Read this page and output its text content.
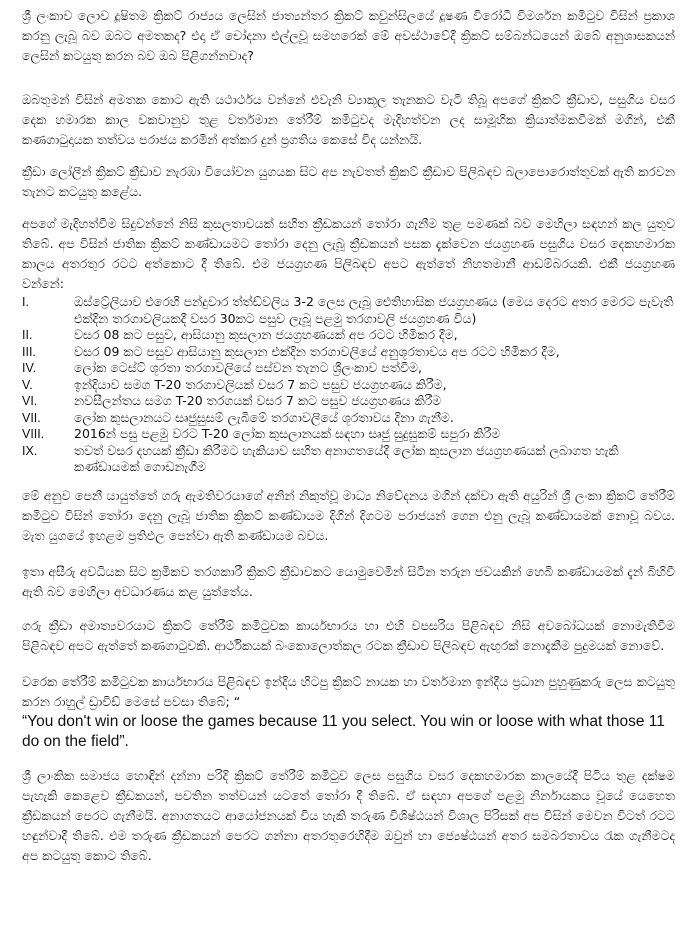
ශ්‍රී ලංකාව ලොව දූෂිතම ක්‍රිකට් රාජ්‍යය ලෙසින් ජාත්‍යන්තර ක්‍රිකට් කවුන්සිලයේ දූෂණ විරෝධී විමර්ශන කමිටුව විසින් ප්‍රකාශ කරනු ලැබූ බව ඔබට අමතකද? එදා ඒ චෝදනා එල්ලවූ සමහරෙක් මේ අවස්ථාවේදී ක්‍රිකට් සම්බන්ධයෙන් ඔබේ අනුශාසකයන් ලෙසින් කටයුතු කරන බව ඔබ පිළිගන්නවාද?

ඔබතුමන් විසින් අමතක කොට ඇති යථාර්ථය වන්නේ එවැනි ව්‍යාකූල තැනකට වැටී තිබූ අපගේ ක්‍රිකට් ක්‍රීඩාව, පසුගිය වසර දෙක හමාරක කාල වකවානුව තුළ වර්තමාන තේරීම් කමිටුවද මැදිහත්වන ලද සාමූහික ක්‍රියාත්මකවීමක් මගින්, එකී කණගාටුදායක තත්වය පරාජය කරමින් අත්කර දුන් ප්‍රගතිය කෙසේ විද යන්නයි.

ක්‍රීඩා ලෝලීන් ක්‍රිකට් ක්‍රීඩාව නැරඹා වියෝවන යුගයක සිට අප නැවතත් ක්‍රිකට් ක්‍රීඩාව පිලිබඳව බලාපොරොත්තුවක් ඇති කරවන තැනට කටයුතු කළේය.

අපගේ මැදිහත්වීම සිදුවන්නේ නිසි කුසලතාවයක් සහිත ක්‍රීඩකයන් තෝරා ගැනීම තුළ පමණක් බව මෙහිලා සඳහන් කල යුතුව තිබේ. අප විසින් ජාතික ක්‍රිකට් කණ්ඩායමට තෝරා දෙනු ලැබූ ක්‍රීඩකයන් පසක දැක්වෙන ජයග්‍රහණ පසුගිය වසර දෙකහමාරක කාලය අතරතුර රටට අත්කොට දී තිබේ. එම ජයග්‍රහණ පිලිබඳව අපට ඇත්තේ නිහතමානී ආඩම්බරයකි. එකී ජයග්‍රහණ වන්නේ:

I.	ඔස්ට්‍රේලියාව එරෙහි පන්දුවාර ත්ත්ඩ්වලිය 3-2 ලෙස ලැබූ ඓතිහාසික ජයග්‍රහණය (මෙය දෙරට අතර මෙරට පැවැති එක්දින තරගාවලියකදී වසර 30කට පසුව ලැබූ පළමු තරගාවලි ජයග්‍රහණ විය)
II.	වසර 08 කට පසුව, ආසියානු කුසලාන ජයග්‍රහණයක් අප රටට හිමිකර දීම,
III.	වසර 09 කට පසුව ආසියානු කුසලාන එක්දින තරගාවලියේ අනුශූරතාවය අප රටට හිමිකර දීම,
IV.	ලෝක ටෙස්ට් ශූරතා තරගාවලියේ පස්වන තැනට ශ්‍රීලංකාව පත්වීම,
V.	ඉන්දියාව සමග T-20 තරගාවලියක් වසර 7 කට පසුව ජයග්‍රහණය කිරීම,
VI.	නවසීලන්තය සමග T-20 තරගයක් වසර 7 කට පසුව ජයග්‍රහණය කිරීම
VII.	ලෝක කුසලානයට සෘජුසුසම් ලැබීමේ තරගාවලියේ ශූරතාවය දිනා ගැනීම.
VIII.	2016න් පසු පළමු වරට T-20 ලෝක කුසලානයක් සඳහා සෘජු සුදුසුකම් සපුරා කිරීම
IX.	තවත් වසර දහයක් ක්‍රීඩා කිරීමට හැකියාව සහිත අනාගතයේදී ලෝක කුසලාන ජයග්‍රහණයක් ලබාගත හැකි කණ්ඩායමක් ගොඩනැගීම

මේ අනුව පෙනී යායුත්තේ ගරු ඇමතිවරයාගේ අනින් නිකුත්වූ මාධ්‍ය නිවේදනය මගින් දක්වා ඇති අයුරින් ශ්‍රී ලංකා ක්‍රිකට් තේරීම් කමිටුව විසින් තෝරා දෙනු ලැබූ ජාතික ක්‍රිකට් කණ්ඩායම දිගින් දිගටම පරාජයන් ගෙන එනු ලැබූ කණ්ඩායමක් නොවූ බවය. මැත යුගයේ ඉහළම ප්‍රතිඵල පෙන්වා ඇති කණ්ඩායම බවය.

ඉතා අසීරු අවධියක සිට ක්‍රමිකව තරගකාරී ක්‍රිකට් ක්‍රීඩාවකට යොමුවෙමින් සිටින තරුන ජවයකින් හෙබි කණ්ඩායමක් දැන් බිහිවී ඇති බව මෙහිලා අවධාරණය කළ යුත්තේය.

ගරු ක්‍රීඩා අමාත්‍යවරයාට ක්‍රිකට් තේරීම් කමිටුවක කාර්යභාරය හා එහි වපසරිය පිළිබඳව නිසි අවබෝධයක් නොමැතිවීම පිළිබඳව අපට ඇත්තේ කණගාටුවකි. ආර්ථිකයක් බංකොලොත්කල රටක ක්‍රීඩාව පිලිබඳව ඇඟුරක් නොදැකීම පුදුමයක් නොවේ.

වරෙක තේරීම් කමිටුවක කාර්යභාරය පිළිබඳව ඉන්දිය හිටපු ක්‍රිකට් නායක හා වර්තමාන ඉන්දීය ප්‍රධාන පුහුණුකරු ලෙස කටයුතු කරන රාහුල් ඩ්‍රාවිඩ් මෙසේ පවසා තිබේ; “

“You don't win or loose the games because 11 you select. You win or loose with what those 11 do on the field”.

ශ්‍රී ලාංකික සමාජය හොඳින් දන්නා පරිදි ක්‍රිකට් තේරීම් කමිටුව ලෙස පසුගිය වසර දෙකහමාරක කාලයේදී පිටිය තුළ දක්ෂම පැහැකි කෙළෙව ක්‍රීඩකයන්, පවතින තත්වයන් යටතේ තෝරා දී තිබේ. ඒ සඳහා අපගේ පළමු නිර්නායකය වූයේ යෙහෙත ක්‍රීඩකයන් පෙරට ගැනීමයි. අනාගතයට ආයෝජනයක් විය හැකි තරුණ විශිෂ්ඨයන් විශාල පිරිසක් අප විසින් මෙවන විටත් රටට හඳුන්වාදී තිබේ. එම තරුණ ක්‍රීඩකයන් පෙරට ගන්නා අතරතුරෙහිදීම ඔවුන් හා ජ්‍යෙෂ්ඨයන් අතර සමබරතාවය රැක ගැනීමටද අප කටයුතු කොට තිබේ.
